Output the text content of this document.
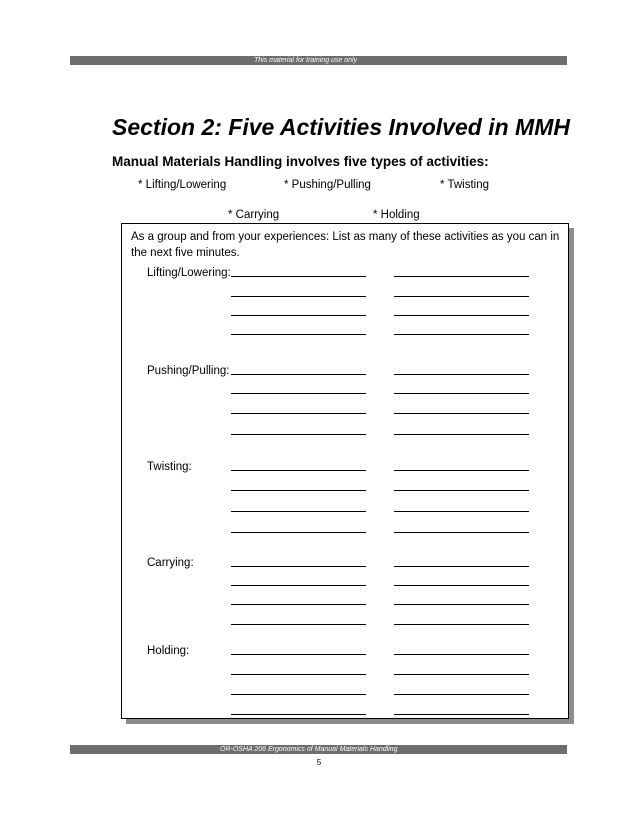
This material for training use only
Section 2: Five Activities Involved in MMH
Manual Materials Handling involves five types of activities:
* Lifting/Lowering	* Pushing/Pulling	* Twisting
* Carrying	* Holding

As a group and from your experiences: List as many of these activities as you can in the next five minutes.

Lifting/Lowering:
Pushing/Pulling:
Twisting:
Carrying:
Holding:
OR-OSHA 206 Ergonomics of Manual Materials Handling
5
